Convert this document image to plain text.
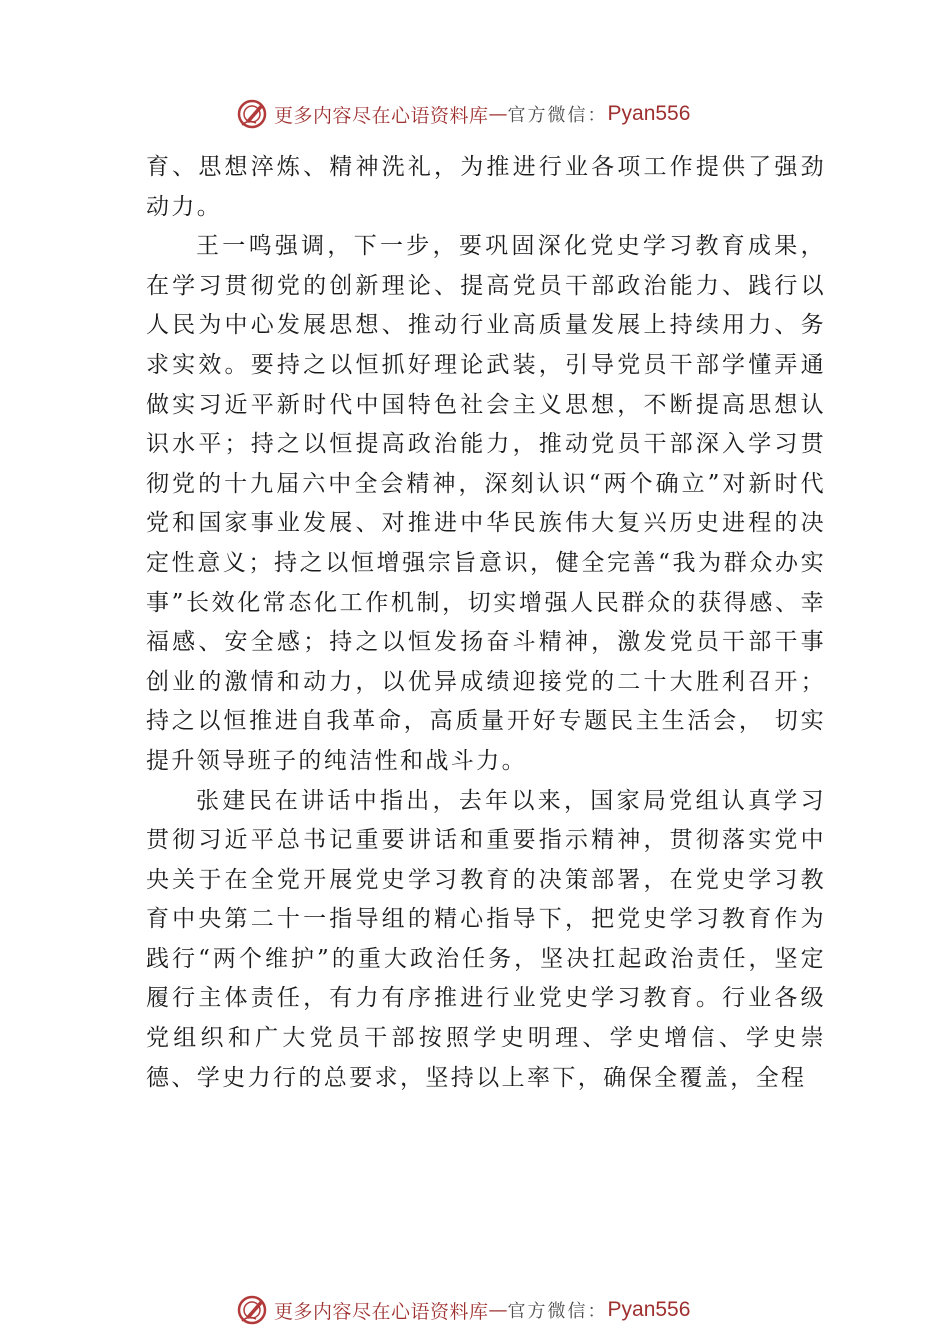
更多内容尽在心语资料库 — 官方微信： Pyan556

育、思想淬炼、精神洗礼，为推进行业各项工作提供了强劲动力。

王一鸣强调，下一步，要巩固深化党史学习教育成果，在学习贯彻党的创新理论、提高党员干部政治能力、践行以人民为中心发展思想、推动行业高质量发展上持续用力、务求实效。要持之以恒抓好理论武装，引导党员干部学懂弄通做实习近平新时代中国特色社会主义思想，不断提高思想认识水平；持之以恒提高政治能力，推动党员干部深入学习贯彻党的十九届六中全会精神，深刻认识“两个确立”对新时代党和国家事业发展、对推进中华民族伟大复兴历史进程的决定性意义；持之以恒增强宗旨意识，健全完善“我为群众办实事”长效化常态化工作机制，切实增强人民群众的获得感、幸福感、安全感；持之以恒发扬奋斗精神，激发党员干部干事创业的激情和动力，以优异成绩迎接党的二十大胜利召开；持之以恒推进自我革命，高质量开好专题民主生活会， 切实提升领导班子的纯洁性和战斗力。

张建民在讲话中指出，去年以来，国家局党组认真学习贯彻习近平总书记重要讲话和重要指示精神，贯彻落实党中央关于在全党开展党史学习教育的决策部署，在党史学习教育中央第二十一指导组的精心指导下，把党史学习教育作为践行“两个维护”的重大政治任务，坚决扛起政治责任，坚定履行主体责任，有力有序推进行业党史学习教育。行业各级党组织和广大党员干部按照学史明理、学史增信、学史崇德、学史力行的总要求，坚持以上率下，确保全覆盖，全程

更多内容尽在心语资料库 — 官方微信： Pyan556
